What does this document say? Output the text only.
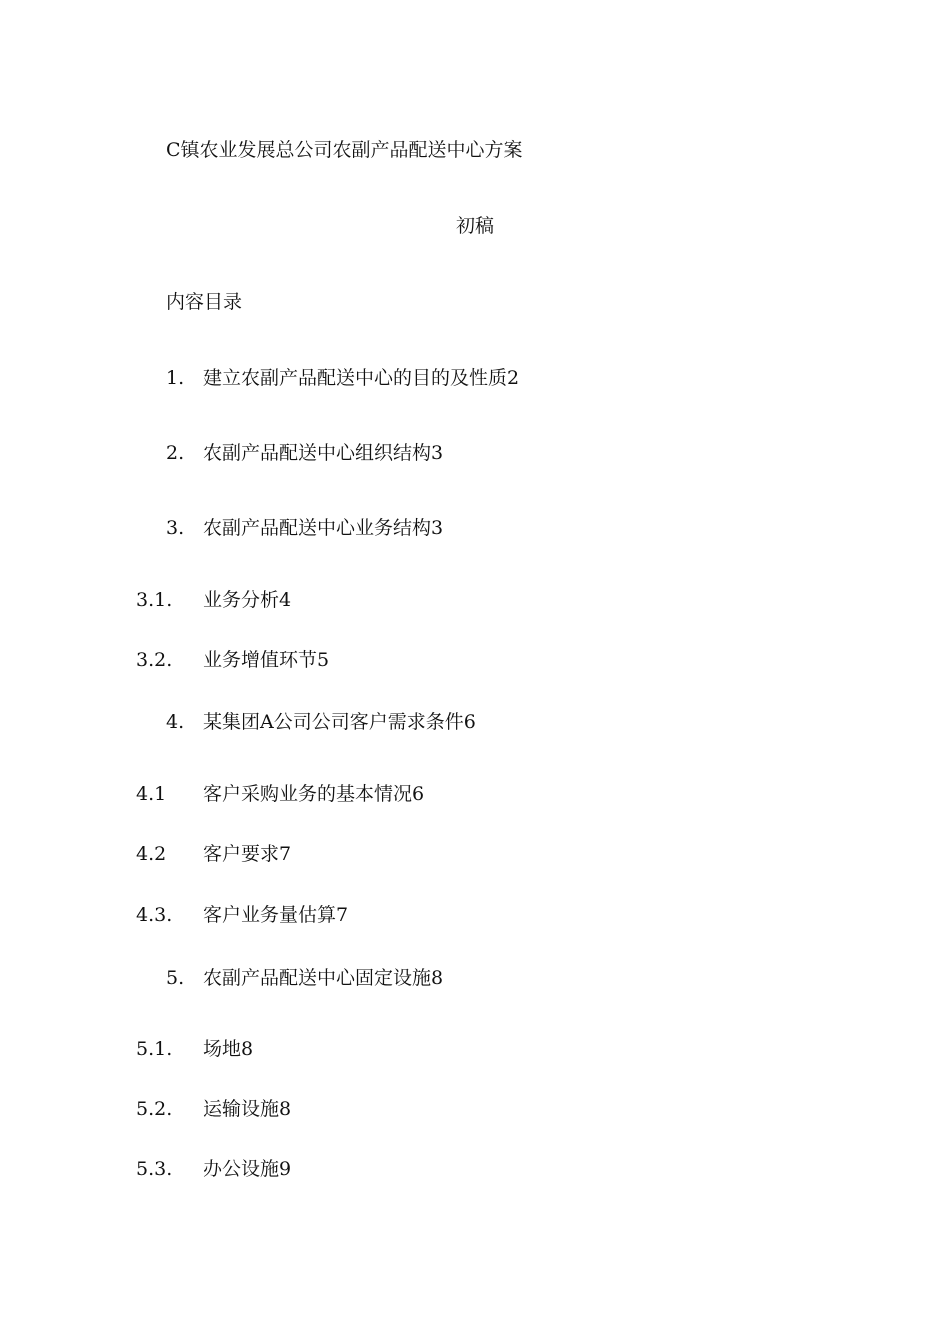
C镇农业发展总公司农副产品配送中心方案
初稿
内容目录
1. 建立农副产品配送中心的目的及性质2
2. 农副产品配送中心组织结构3
3. 农副产品配送中心业务结构3
3.1. 业务分析4
3.2. 业务增值环节5
4. 某集团A公司公司客户需求条件6
4.1 客户采购业务的基本情况6
4.2 客户要求7
4.3. 客户业务量估算7
5. 农副产品配送中心固定设施8
5.1. 场地8
5.2. 运输设施8
5.3. 办公设施9
